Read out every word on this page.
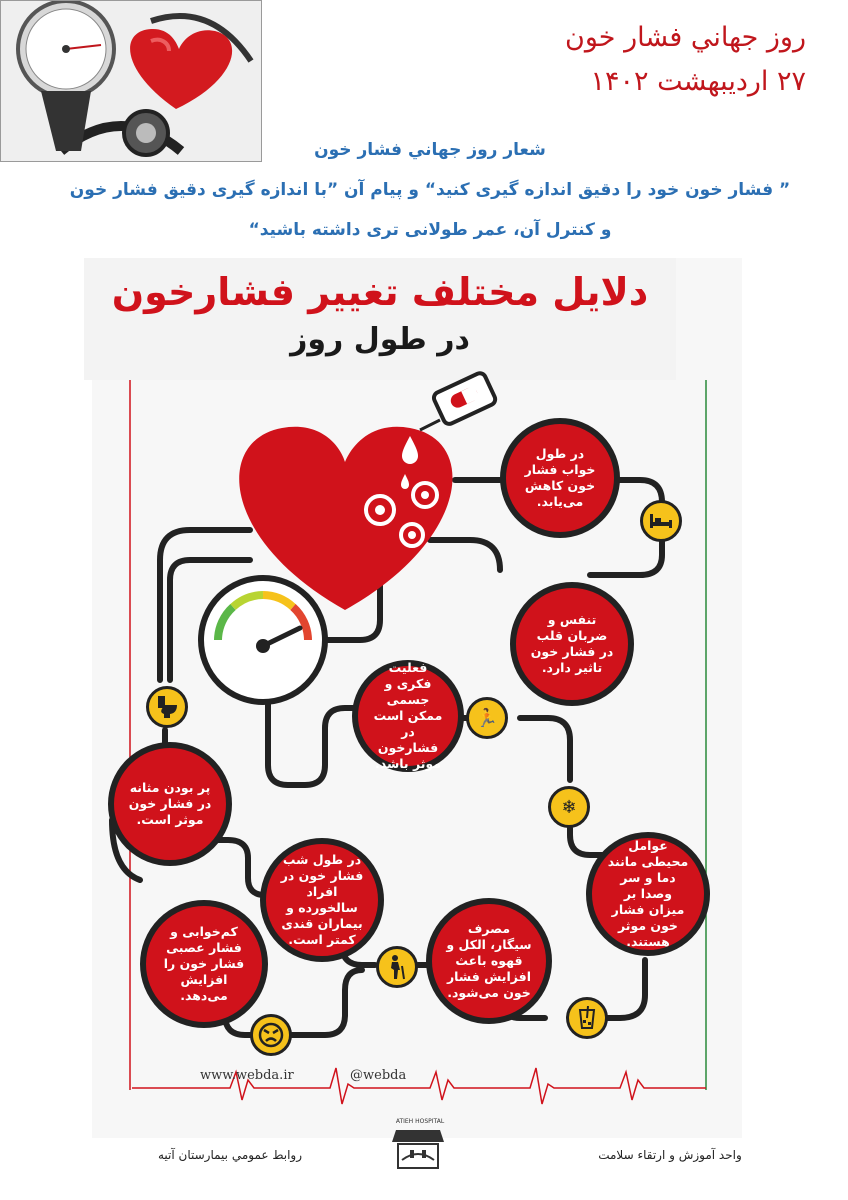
روز جهاني فشار خون
۲۷ ارديبهشت ۱۴۰۲
شعار روز جهاني فشار خون
” فشار خون خود را دقیق اندازه گیری کنید“ و پیام آن ”با اندازه گیری دقیق فشار خون
و کنترل آن، عمر طولانی تری داشته باشید“
دلایل مختلف تغییر فشارخون
در طول روز
در طول خواب فشار خون کاهش می‌یابد.
تنفس و ضربان قلب در فشار خون تاثیر دارد.
فعلیت فکری و جسمی ممکن است در فشارخون موثر باشد.
پر بودن مثانه در فشار خون موثر است.
عوامل محیطی مانند دما و سر وصدا بر میزان فشار خون موثر هستند.
در طول شب فشار خون در افراد سالخورده و بیماران قندی کمتر است.
مصرف سیگار، الکل و قهوه باعث افزایش فشار خون می‌شود.
کم‌خوابی و فشار عصبی فشار خون را افزایش می‌دهد.
🏃
❄
www.webda.ir	@webda
روابط عمومي بيمارستان آتيه	واحد آموزش و ارتقاء سلامت
ATIEH HOSPITAL
